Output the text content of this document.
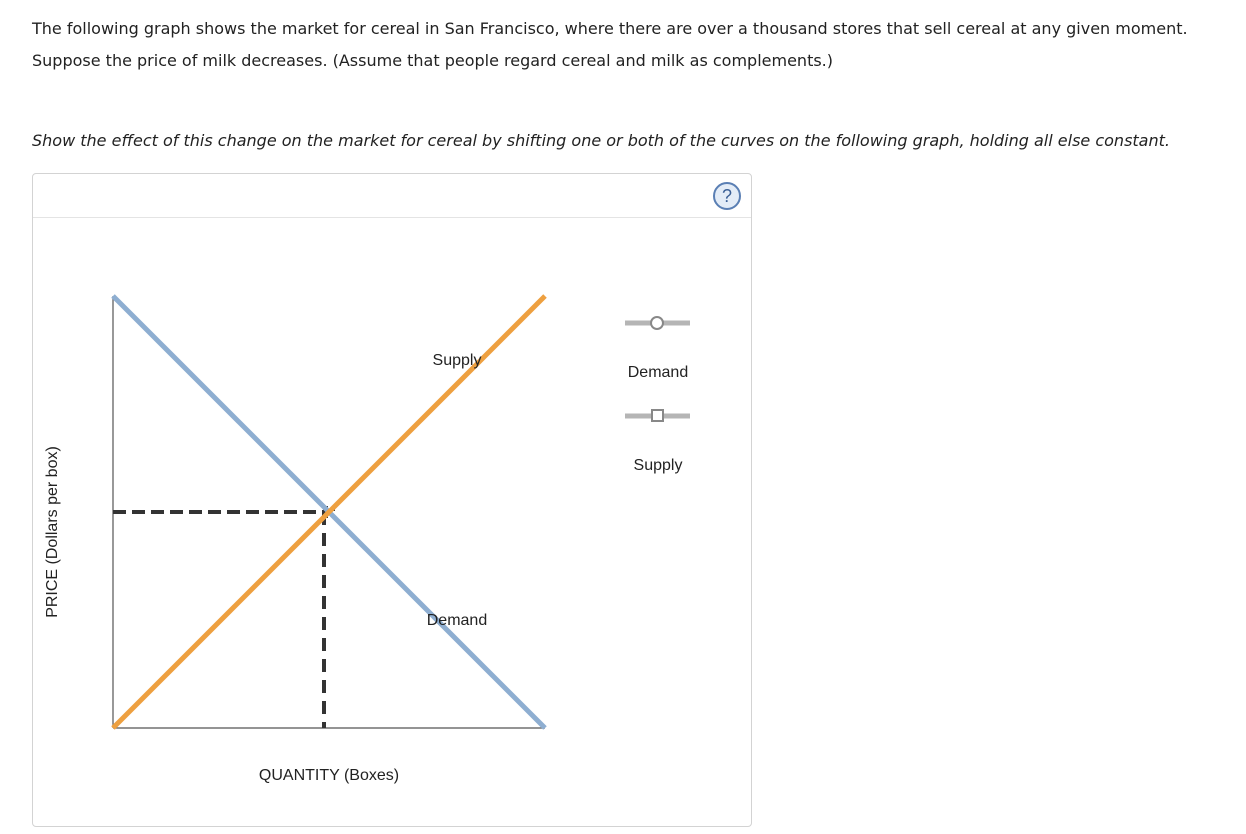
The following graph shows the market for cereal in San Francisco, where there are over a thousand stores that sell cereal at any given moment.
Suppose the price of milk decreases. (Assume that people regard cereal and milk as complements.)
Show the effect of this change on the market for cereal by shifting one or both of the curves on the following graph, holding all else constant.
?
PRICE (Dollars per box)
QUANTITY (Boxes)
Supply
Demand
Demand
Supply
